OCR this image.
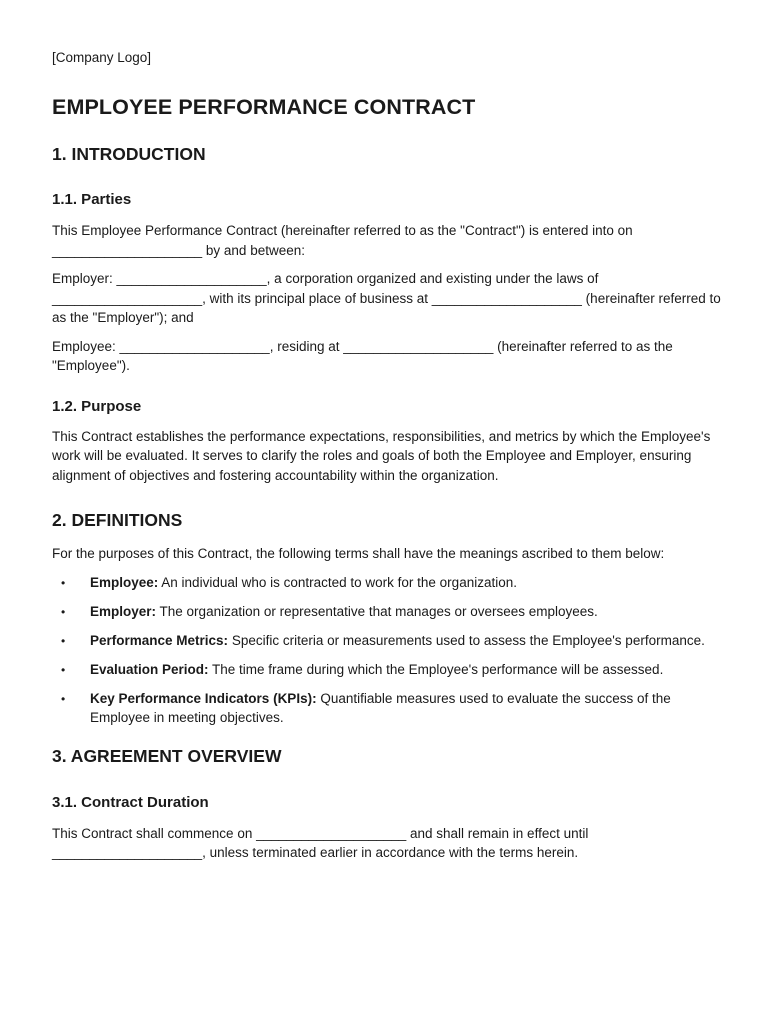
[Company Logo]

EMPLOYEE PERFORMANCE CONTRACT
1. INTRODUCTION
1.1. Parties

This Employee Performance Contract (hereinafter referred to as the "Contract") is entered into on ____________________ by and between:

Employer: ____________________, a corporation organized and existing under the laws of ____________________, with its principal place of business at ____________________ (hereinafter referred to as the "Employer"); and

Employee: ____________________, residing at ____________________ (hereinafter referred to as the "Employee").

1.2. Purpose

This Contract establishes the performance expectations, responsibilities, and metrics by which the Employee's work will be evaluated. It serves to clarify the roles and goals of both the Employee and Employer, ensuring alignment of objectives and fostering accountability within the organization.

2. DEFINITIONS

For the purposes of this Contract, the following terms shall have the meanings ascribed to them below:

• Employee: An individual who is contracted to work for the organization.
• Employer: The organization or representative that manages or oversees employees.
• Performance Metrics: Specific criteria or measurements used to assess the Employee's performance.
• Evaluation Period: The time frame during which the Employee's performance will be assessed.
• Key Performance Indicators (KPIs): Quantifiable measures used to evaluate the success of the Employee in meeting objectives.
3. AGREEMENT OVERVIEW
3.1. Contract Duration

This Contract shall commence on ____________________ and shall remain in effect until ____________________, unless terminated earlier in accordance with the terms herein.
